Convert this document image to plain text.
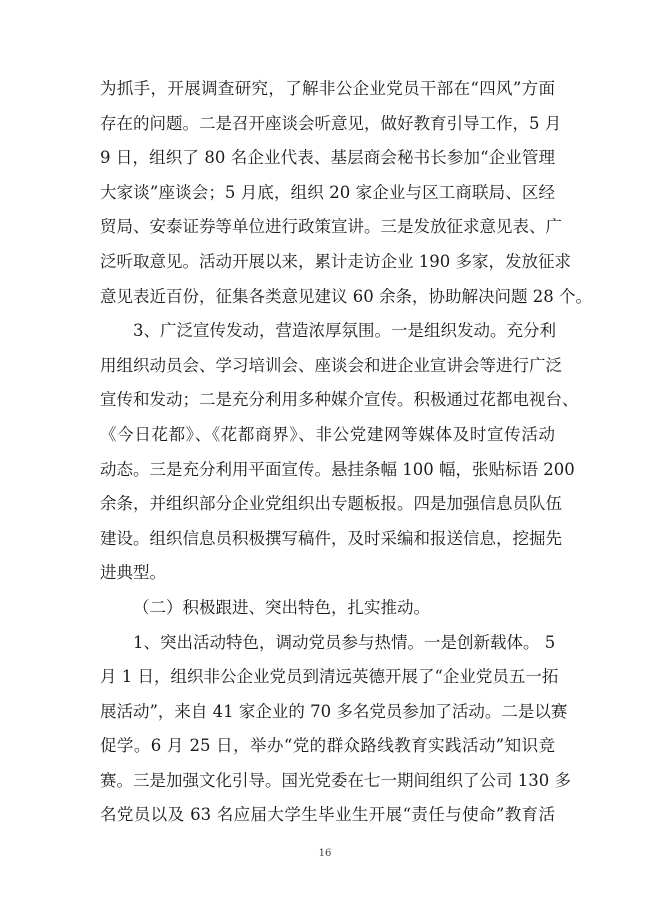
为抓手，开展调查研究，了解非公企业党员干部在“四风”方面
存在的问题。二是召开座谈会听意见，做好教育引导工作，5 月
9 日，组织了 80 名企业代表、基层商会秘书长参加“企业管理
大家谈”座谈会；5 月底，组织 20 家企业与区工商联局、区经
贸局、安泰证券等单位进行政策宣讲。三是发放征求意见表、广
泛听取意见。活动开展以来，累计走访企业 190 多家，发放征求
意见表近百份，征集各类意见建议 60 余条，协助解决问题 28 个。
3、广泛宣传发动，营造浓厚氛围。一是组织发动。充分利
用组织动员会、学习培训会、座谈会和进企业宣讲会等进行广泛
宣传和发动；二是充分利用多种媒介宣传。积极通过花都电视台、
《今日花都》、《花都商界》、非公党建网等媒体及时宣传活动
动态。三是充分利用平面宣传。悬挂条幅 100 幅，张贴标语 200
余条，并组织部分企业党组织出专题板报。四是加强信息员队伍
建设。组织信息员积极撰写稿件，及时采编和报送信息，挖掘先
进典型。
（二）积极跟进、突出特色，扎实推动。
1、突出活动特色，调动党员参与热情。一是创新载体。 5
月 1 日，组织非公企业党员到清远英德开展了“企业党员五一拓
展活动”，来自 41 家企业的 70 多名党员参加了活动。二是以赛
促学。6 月 25 日，举办“党的群众路线教育实践活动”知识竞
赛。三是加强文化引导。国光党委在七一期间组织了公司 130 多
名党员以及 63 名应届大学生毕业生开展“责任与使命”教育活
16
